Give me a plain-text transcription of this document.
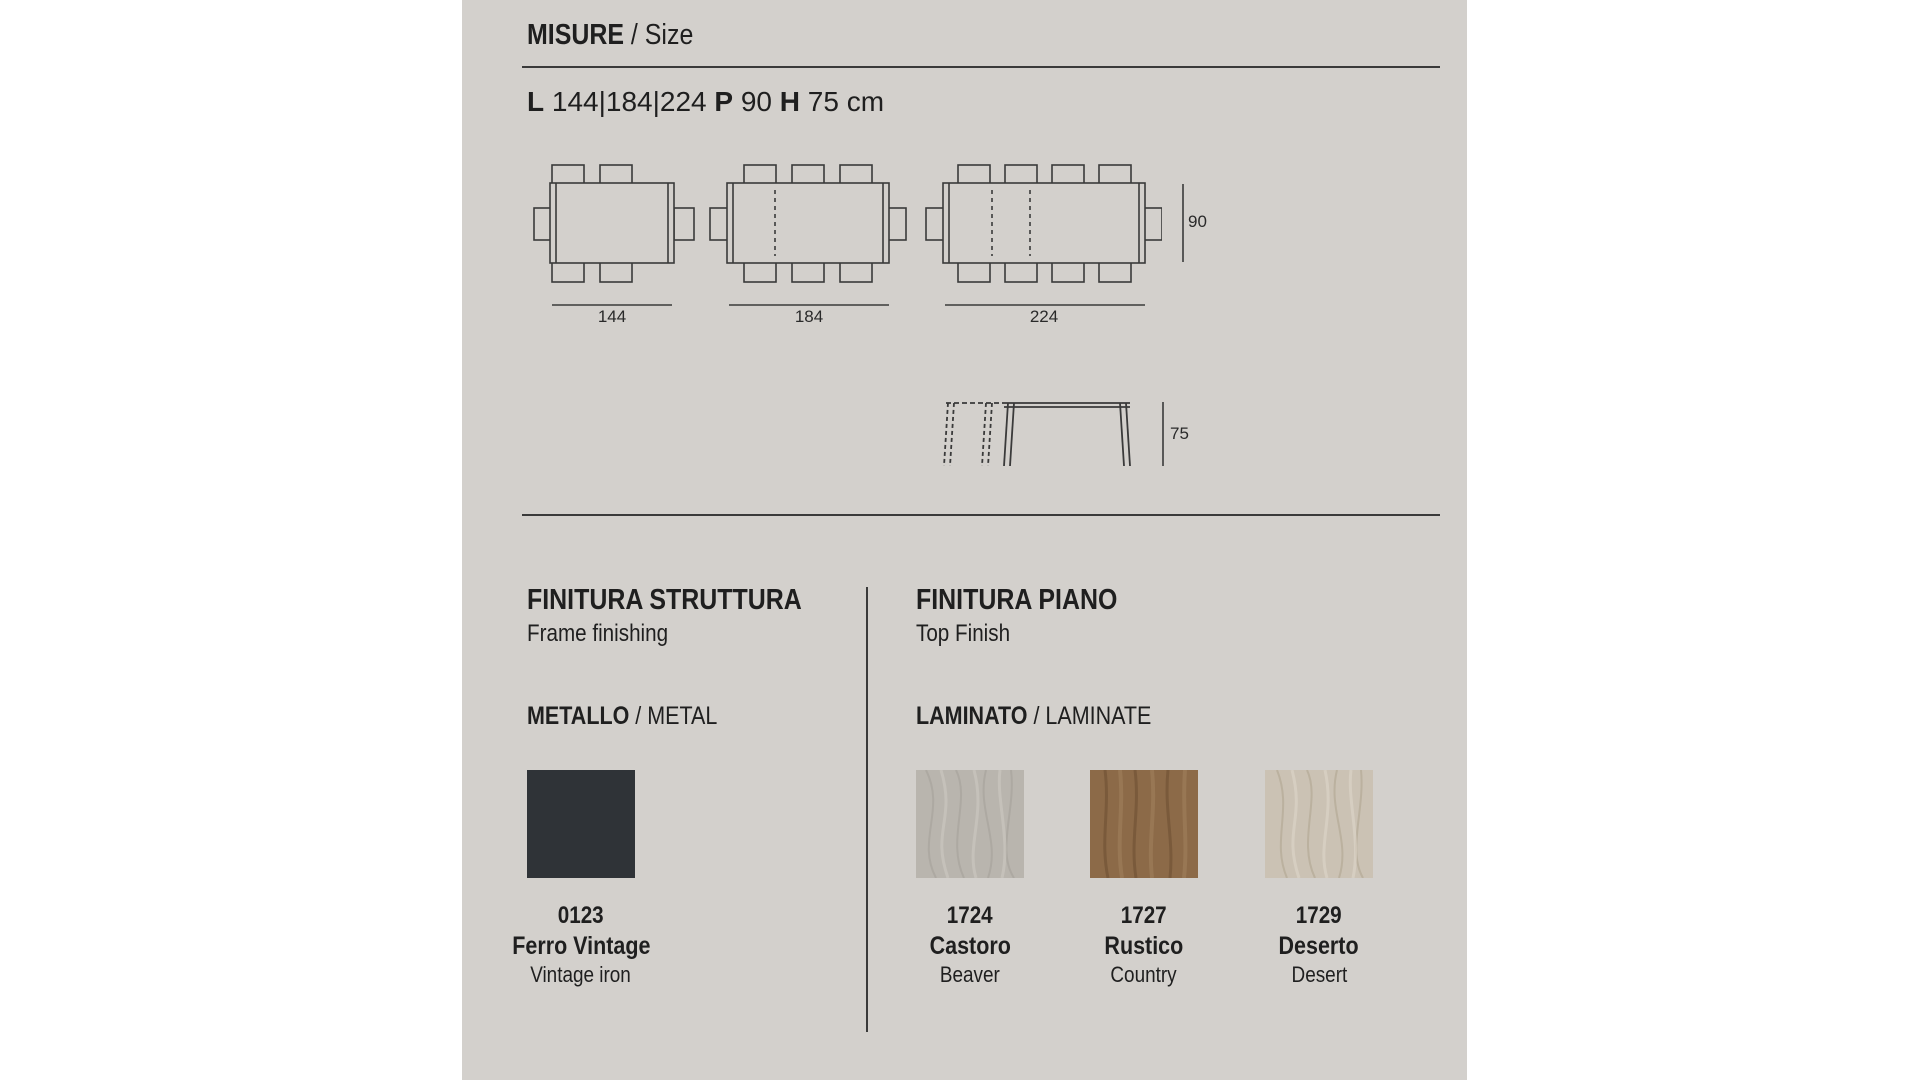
MISURE / Size
L 144|184|224 P 90 H 75 cm
144	184	224
90
75
FINITURA STRUTTURA
Frame finishing
METALLO / METAL
0123
Ferro Vintage
Vintage iron
FINITURA PIANO
Top Finish
LAMINATO / LAMINATE
1724
Castoro
Beaver
1727
Rustico
Country
1729
Deserto
Desert
